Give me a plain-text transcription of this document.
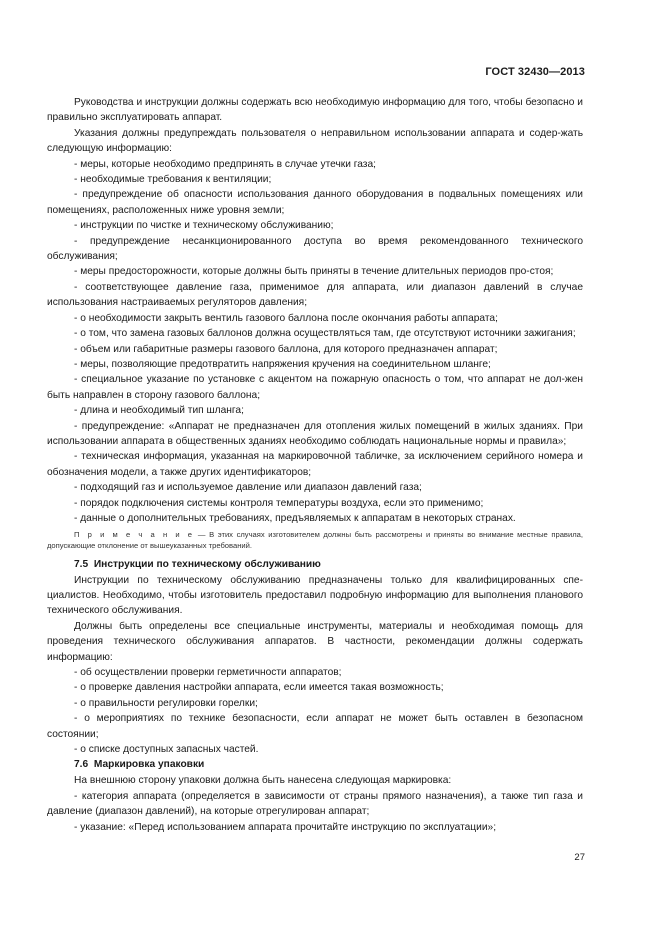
ГОСТ 32430—2013

Руководства и инструкции должны содержать всю необходимую информацию для того, чтобы безопасно и правильно эксплуатировать аппарат.

Указания должны предупреждать пользователя о неправильном использовании аппарата и содер-жать следующую информацию:

- меры, которые необходимо предпринять в случае утечки газа;

- необходимые требования к вентиляции;

- предупреждение об опасности использования данного оборудования в подвальных помещениях или помещениях, расположенных ниже уровня земли;

- инструкции по чистке и техническому обслуживанию;

- предупреждение несанкционированного доступа во время рекомендованного технического обслуживания;

- меры предосторожности, которые должны быть приняты в течение длительных периодов про-стоя;

- соответствующее давление газа, применимое для аппарата, или диапазон давлений в случае использования настраиваемых регуляторов давления;

- о необходимости закрыть вентиль газового баллона после окончания работы аппарата;

- о том, что замена газовых баллонов должна осуществляться там, где отсутствуют источники зажигания;

- объем или габаритные размеры газового баллона, для которого предназначен аппарат;

- меры, позволяющие предотвратить напряжения кручения на соединительном шланге;

- специальное указание по установке с акцентом на пожарную опасность о том, что аппарат не дол-жен быть направлен в сторону газового баллона;

- длина и необходимый тип шланга;

- предупреждение: «Аппарат не предназначен для отопления жилых помещений в жилых зданиях. При использовании аппарата в общественных зданиях необходимо соблюдать национальные нормы и правила»;

- техническая информация, указанная на маркировочной табличке, за исключением серийного номера и обозначения модели, а также других идентификаторов;

- подходящий газ и используемое давление или диапазон давлений газа;

- порядок подключения системы контроля температуры воздуха, если это применимо;

- данные о дополнительных требованиях, предъявляемых к аппаратам в некоторых странах.

П р и м е ч а н и е — В этих случаях изготовителем должны быть рассмотрены и приняты во внимание местные правила, допускающие отклонение от вышеуказанных требований.

7.5 Инструкции по техническому обслуживанию

Инструкции по техническому обслуживанию предназначены только для квалифицированных спе-циалистов. Необходимо, чтобы изготовитель предоставил подробную информацию для выполнения планового технического обслуживания.

Должны быть определены все специальные инструменты, материалы и необходимая помощь для проведения технического обслуживания аппаратов. В частности, рекомендации должны содержать информацию:

- об осуществлении проверки герметичности аппаратов;

- о проверке давления настройки аппарата, если имеется такая возможность;

- о правильности регулировки горелки;

- о мероприятиях по технике безопасности, если аппарат не может быть оставлен в безопасном состоянии;

- о списке доступных запасных частей.

7.6 Маркировка упаковки

На внешнюю сторону упаковки должна быть нанесена следующая маркировка:

- категория аппарата (определяется в зависимости от страны прямого назначения), а также тип газа и давление (диапазон давлений), на которые отрегулирован аппарат;

- указание: «Перед использованием аппарата прочитайте инструкцию по эксплуатации»;

27
